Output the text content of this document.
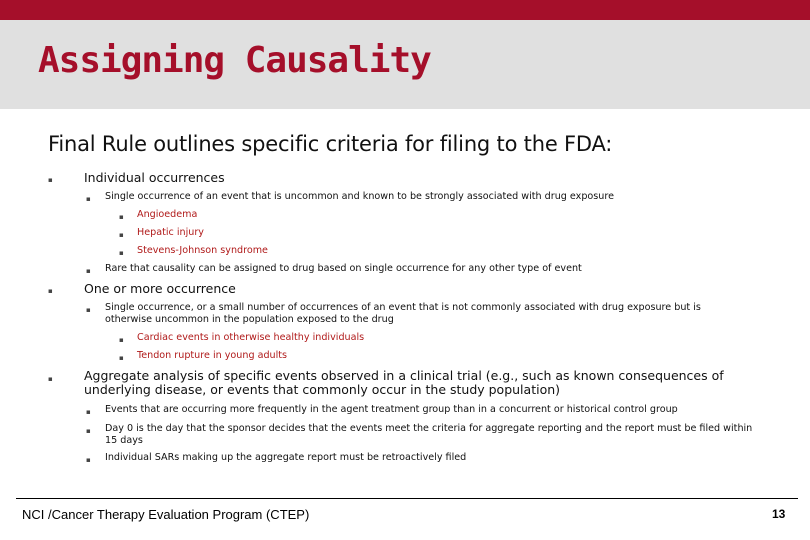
Assigning Causality
Final Rule outlines specific criteria for filing to the FDA:
▪	Individual occurrences
▪ Single occurrence of an event that is uncommon and known to be strongly associated with drug exposure
▪ Angioedema
▪ Hepatic injury
▪ Stevens-Johnson syndrome
▪ Rare that causality can be assigned to drug based on single occurrence for any other type of event
▪	One or more occurrence
▪ Single occurrence, or a small number of occurrences of an event that is not commonly associated with drug exposure but is otherwise uncommon in the population exposed to the drug
▪ Cardiac events in otherwise healthy individuals
▪ Tendon rupture in young adults
▪	Aggregate analysis of specific events observed in a clinical trial (e.g., such as known consequences of underlying disease, or events that commonly occur in the study population)
▪ Events that are occurring more frequently in the agent treatment group than in a concurrent or historical control group
▪ Day 0 is the day that the sponsor decides that the events meet the criteria for aggregate reporting and the report must be filed within 15 days
▪ Individual SARs making up the aggregate report must be retroactively filed
NCI /Cancer Therapy Evaluation Program (CTEP)	13
